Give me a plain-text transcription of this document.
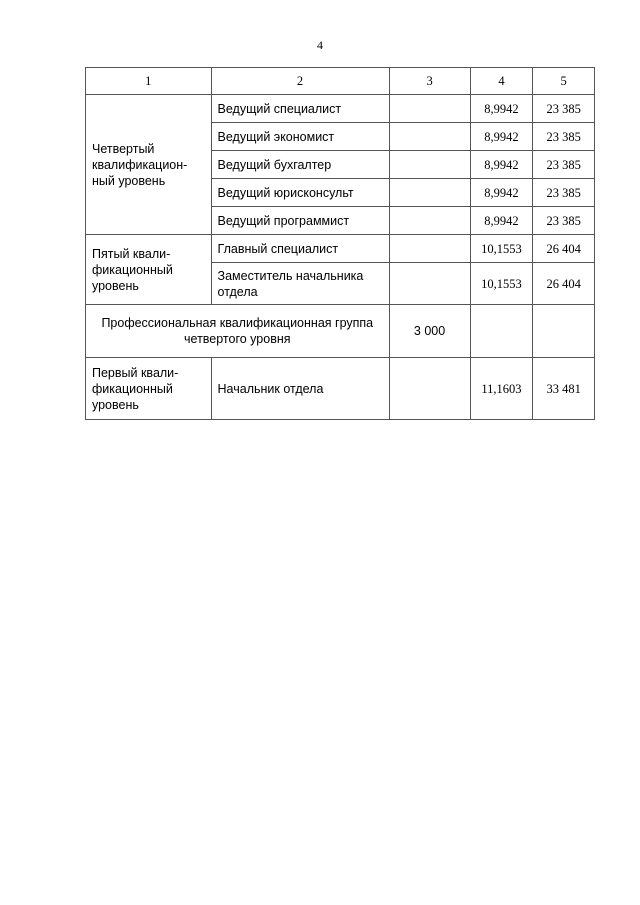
4
1	2	3	4	5
Четвертый квалификацион-ный уровень	Ведущий специалист		8,9942	23 385
	Ведущий экономист		8,9942	23 385
	Ведущий бухгалтер		8,9942	23 385
	Ведущий юрисконсульт		8,9942	23 385
	Ведущий программист		8,9942	23 385
Пятый квали-фикационный уровень	Главный специалист		10,1553	26 404
	Заместитель начальника отдела		10,1553	26 404
Профессиональная квалификационная группа четвертого уровня		3 000		
Первый квали-фикационный уровень	Начальник отдела		11,1603	33 481
